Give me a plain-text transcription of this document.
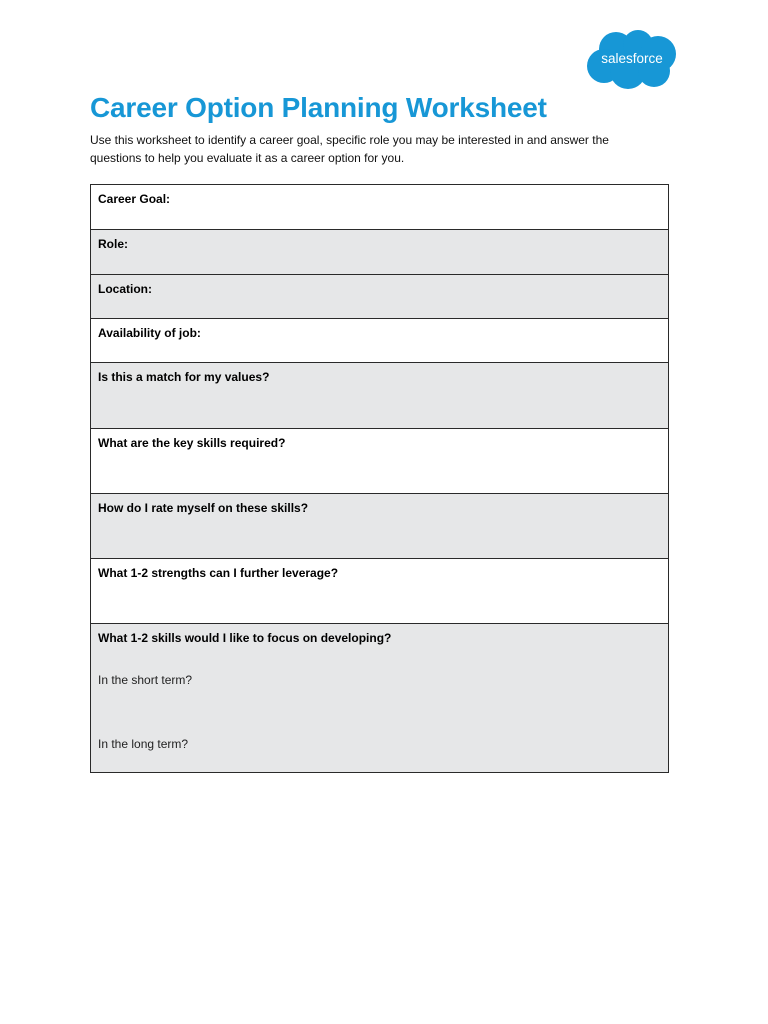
salesforce
Career Option Planning Worksheet

Use this worksheet to identify a career goal, specific role you may be interested in and answer the
questions to help you evaluate it as a career option for you.

Career Goal:

Role:

Location:

Availability of job:

Is this a match for my values?

What are the key skills required?

How do I rate myself on these skills?

What 1-2 strengths can I further leverage?

What 1-2 skills would I like to focus on developing?
In the short term?
In the long term?
